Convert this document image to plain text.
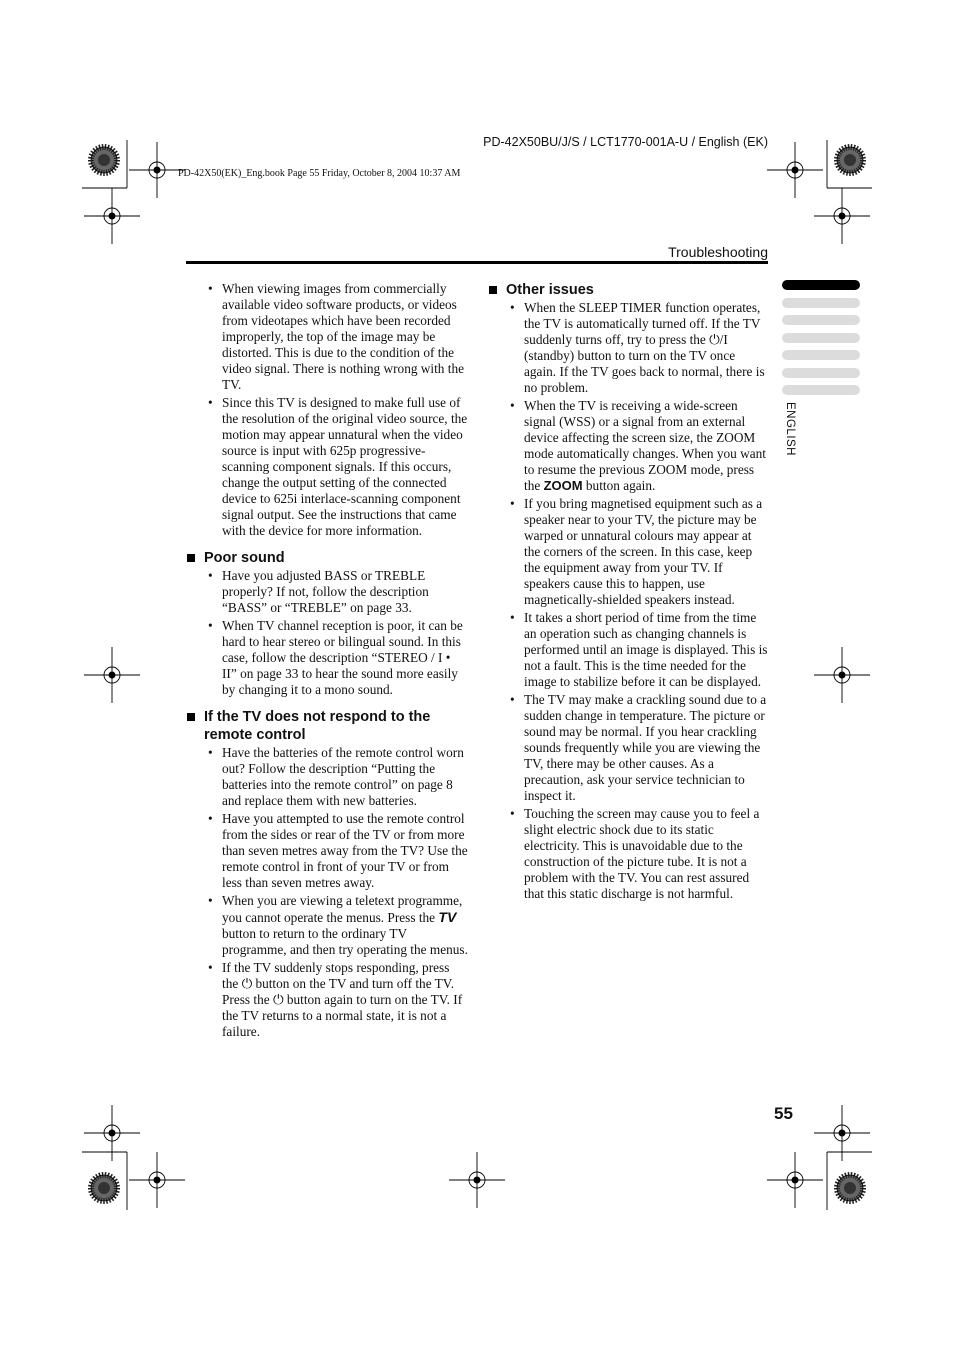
PD-42X50BU/J/S / LCT1770-001A-U / English (EK)
PD-42X50(EK)_Eng.book Page 55 Friday, October 8, 2004 10:37 AM
Troubleshooting
• When viewing images from commercially available video software products, or videos from videotapes which have been recorded improperly, the top of the image may be distorted. This is due to the condition of the video signal. There is nothing wrong with the TV.
• Since this TV is designed to make full use of the resolution of the original video source, the motion may appear unnatural when the video source is input with 625p progressive-scanning component signals. If this occurs, change the output setting of the connected device to 625i interlace-scanning component signal output. See the instructions that came with the device for more information.
Poor sound
• Have you adjusted BASS or TREBLE properly? If not, follow the description “BASS” or “TREBLE” on page 33.
• When TV channel reception is poor, it can be hard to hear stereo or bilingual sound. In this case, follow the description “STEREO / I • II” on page 33 to hear the sound more easily by changing it to a mono sound.
If the TV does not respond to the remote control
• Have the batteries of the remote control worn out? Follow the description “Putting the batteries into the remote control” on page 8 and replace them with new batteries.
• Have you attempted to use the remote control from the sides or rear of the TV or from more than seven metres away from the TV? Use the remote control in front of your TV or from less than seven metres away.
• When you are viewing a teletext programme, you cannot operate the menus. Press the TV button to return to the ordinary TV programme, and then try operating the menus.
• If the TV suddenly stops responding, press the ⏻ button on the TV and turn off the TV. Press the ⏻ button again to turn on the TV. If the TV returns to a normal state, it is not a failure.
Other issues
• When the SLEEP TIMER function operates, the TV is automatically turned off. If the TV suddenly turns off, try to press the ⏻/I (standby) button to turn on the TV once again. If the TV goes back to normal, there is no problem.
• When the TV is receiving a wide-screen signal (WSS) or a signal from an external device affecting the screen size, the ZOOM mode automatically changes. When you want to resume the previous ZOOM mode, press the ZOOM button again.
• If you bring magnetised equipment such as a speaker near to your TV, the picture may be warped or unnatural colours may appear at the corners of the screen. In this case, keep the equipment away from your TV. If speakers cause this to happen, use magnetically-shielded speakers instead.
• It takes a short period of time from the time an operation such as changing channels is performed until an image is displayed. This is not a fault. This is the time needed for the image to stabilize before it can be displayed.
• The TV may make a crackling sound due to a sudden change in temperature. The picture or sound may be normal. If you hear crackling sounds frequently while you are viewing the TV, there may be other causes. As a precaution, ask your service technician to inspect it.
• Touching the screen may cause you to feel a slight electric shock due to its static electricity. This is unavoidable due to the construction of the picture tube. It is not a problem with the TV. You can rest assured that this static discharge is not harmful.
ENGLISH
55
